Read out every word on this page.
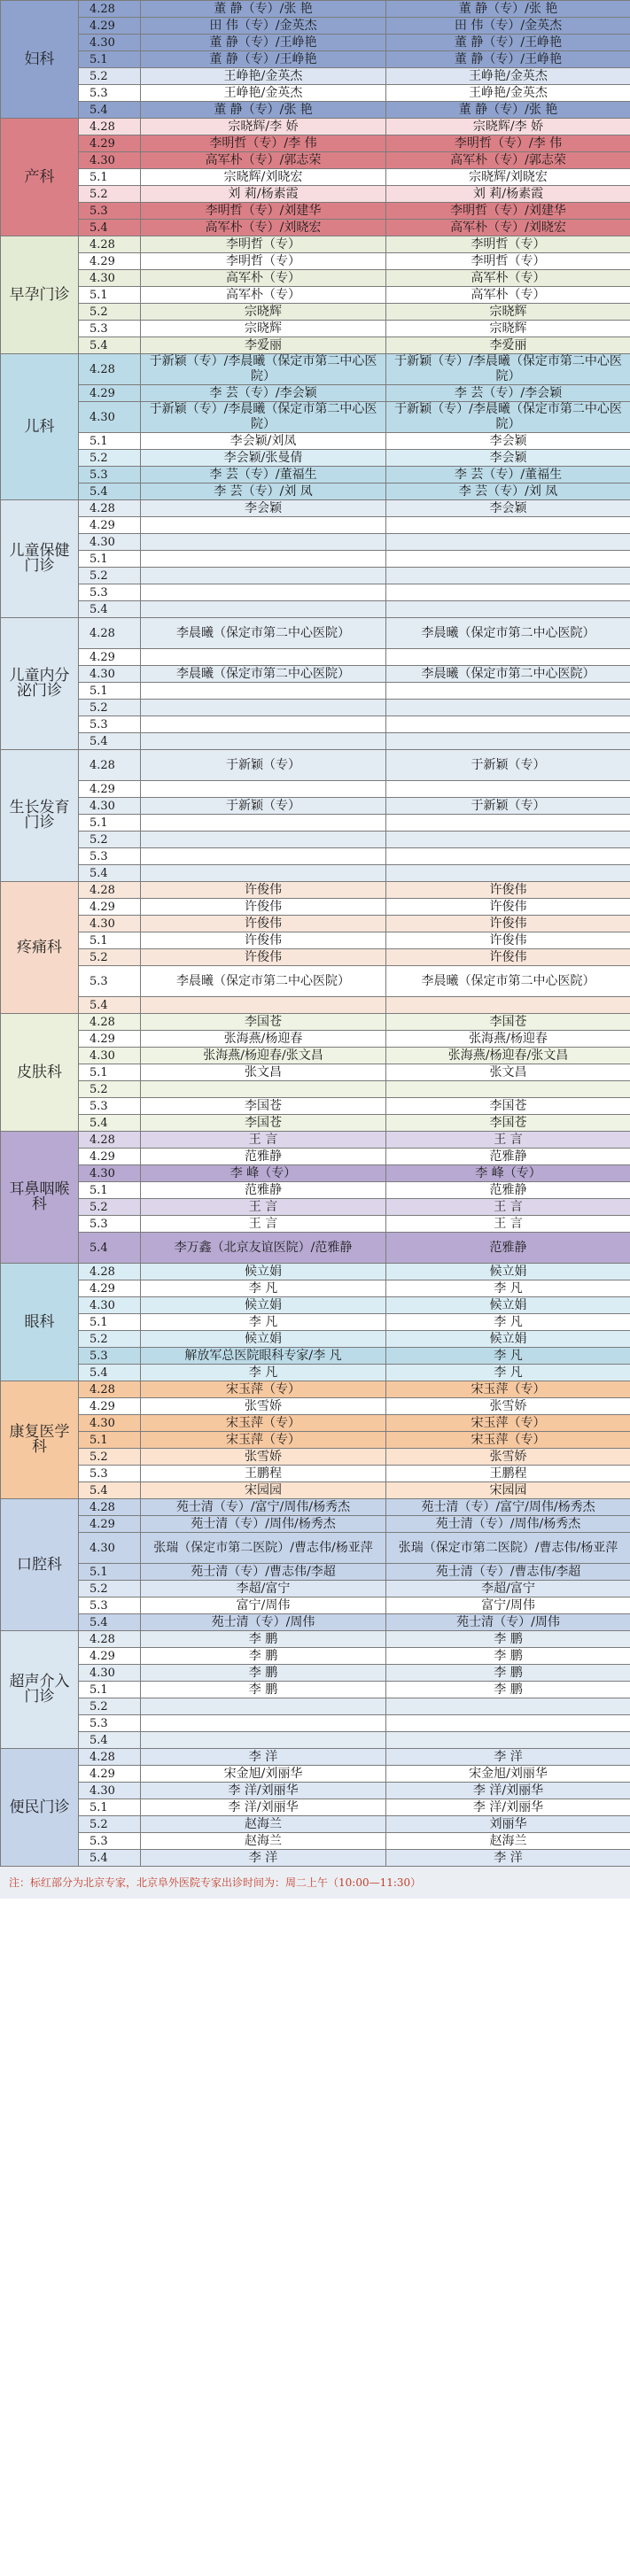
妇科	4.28	董 静（专）/张 艳	董 静（专）/张 艳
	4.29	田 伟（专）/金英杰	田 伟（专）/金英杰
	4.30	董 静（专）/王峥艳	董 静（专）/王峥艳
	5.1	董 静（专）/王峥艳	董 静（专）/王峥艳
	5.2	王峥艳/金英杰	王峥艳/金英杰
	5.3	王峥艳/金英杰	王峥艳/金英杰
	5.4	董 静（专）/张 艳	董 静（专）/张 艳
产科	4.28	宗晓辉/李 娇	宗晓辉/李 娇
	4.29	李明哲（专）/李 伟	李明哲（专）/李 伟
	4.30	高军朴（专）/郭志荣	高军朴（专）/郭志荣
	5.1	宗晓辉/刘晓宏	宗晓辉/刘晓宏
	5.2	刘 莉/杨素霞	刘 莉/杨素霞
	5.3	李明哲（专）/刘建华	李明哲（专）/刘建华
	5.4	高军朴（专）/刘晓宏	高军朴（专）/刘晓宏
早孕门诊	4.28	李明哲（专）	李明哲（专）
	4.29	李明哲（专）	李明哲（专）
	4.30	高军朴（专）	高军朴（专）
	5.1	高军朴（专）	高军朴（专）
	5.2	宗晓辉	宗晓辉
	5.3	宗晓辉	宗晓辉
	5.4	李爱丽	李爱丽
儿科	4.28	于新颖（专）/李晨曦（保定市第二中心医院）	于新颖（专）/李晨曦（保定市第二中心医院）
	4.29	李 芸（专）/李会颖	李 芸（专）/李会颖
	4.30	于新颖（专）/李晨曦（保定市第二中心医院）	于新颖（专）/李晨曦（保定市第二中心医院）
	5.1	李会颖/刘凤	李会颖
	5.2	李会颖/张曼倩	李会颖
	5.3	李 芸（专）/董福生	李 芸（专）/董福生
	5.4	李 芸（专）/刘 凤	李 芸（专）/刘 凤
儿童保健门诊	4.28	李会颖	李会颖
	4.29		
	4.30		
	5.1		
	5.2		
	5.3		
	5.4		
儿童内分泌门诊	4.28	李晨曦（保定市第二中心医院）	李晨曦（保定市第二中心医院）
	4.29		
	4.30	李晨曦（保定市第二中心医院）	李晨曦（保定市第二中心医院）
	5.1		
	5.2		
	5.3		
	5.4		
生长发育门诊	4.28	于新颖（专）	于新颖（专）
	4.29		
	4.30	于新颖（专）	于新颖（专）
	5.1		
	5.2		
	5.3		
	5.4		
疼痛科	4.28	许俊伟	许俊伟
	4.29	许俊伟	许俊伟
	4.30	许俊伟	许俊伟
	5.1	许俊伟	许俊伟
	5.2	许俊伟	许俊伟
	5.3	李晨曦（保定市第二中心医院）	李晨曦（保定市第二中心医院）
	5.4		
皮肤科	4.28	李国苍	李国苍
	4.29	张海燕/杨迎春	张海燕/杨迎春
	4.30	张海燕/杨迎春/张文昌	张海燕/杨迎春/张文昌
	5.1	张文昌	张文昌
	5.2		
	5.3	李国苍	李国苍
	5.4	李国苍	李国苍
耳鼻咽喉科	4.28	王 言	王 言
	4.29	范雅静	范雅静
	4.30	李 峰（专）	李 峰（专）
	5.1	范雅静	范雅静
	5.2	王 言	王 言
	5.3	王 言	王 言
	5.4	李万鑫（北京友谊医院）/范雅静	范雅静
眼科	4.28	候立娟	候立娟
	4.29	李 凡	李 凡
	4.30	候立娟	候立娟
	5.1	李 凡	李 凡
	5.2	候立娟	候立娟
	5.3	解放军总医院眼科专家/李 凡	李 凡
	5.4	李 凡	李 凡
康复医学科	4.28	宋玉萍（专）	宋玉萍（专）
	4.29	张雪娇	张雪娇
	4.30	宋玉萍（专）	宋玉萍（专）
	5.1	宋玉萍（专）	宋玉萍（专）
	5.2	张雪娇	张雪娇
	5.3	王鹏程	王鹏程
	5.4	宋园园	宋园园
口腔科	4.28	苑士清（专）/富宁/周伟/杨秀杰	苑士清（专）/富宁/周伟/杨秀杰
	4.29	苑士清（专）/周伟/杨秀杰	苑士清（专）/周伟/杨秀杰
	4.30	张瑞（保定市第二医院）/曹志伟/杨亚萍	张瑞（保定市第二医院）/曹志伟/杨亚萍
	5.1	苑士清（专）/曹志伟/李超	苑士清（专）/曹志伟/李超
	5.2	李超/富宁	李超/富宁
	5.3	富宁/周伟	富宁/周伟
	5.4	苑士清（专）/周伟	苑士清（专）/周伟
超声介入门诊	4.28	李 鹏	李 鹏
	4.29	李 鹏	李 鹏
	4.30	李 鹏	李 鹏
	5.1	李 鹏	李 鹏
	5.2		
	5.3		
	5.4		
便民门诊	4.28	李 洋	李 洋
	4.29	宋金旭/刘丽华	宋金旭/刘丽华
	4.30	李 洋/刘丽华	李 洋/刘丽华
	5.1	李 洋/刘丽华	李 洋/刘丽华
	5.2	赵海兰	刘丽华
	5.3	赵海兰	赵海兰
	5.4	李 洋	李 洋
注：标红部分为北京专家，北京阜外医院专家出诊时间为：周二上午（10:00—11:30）
